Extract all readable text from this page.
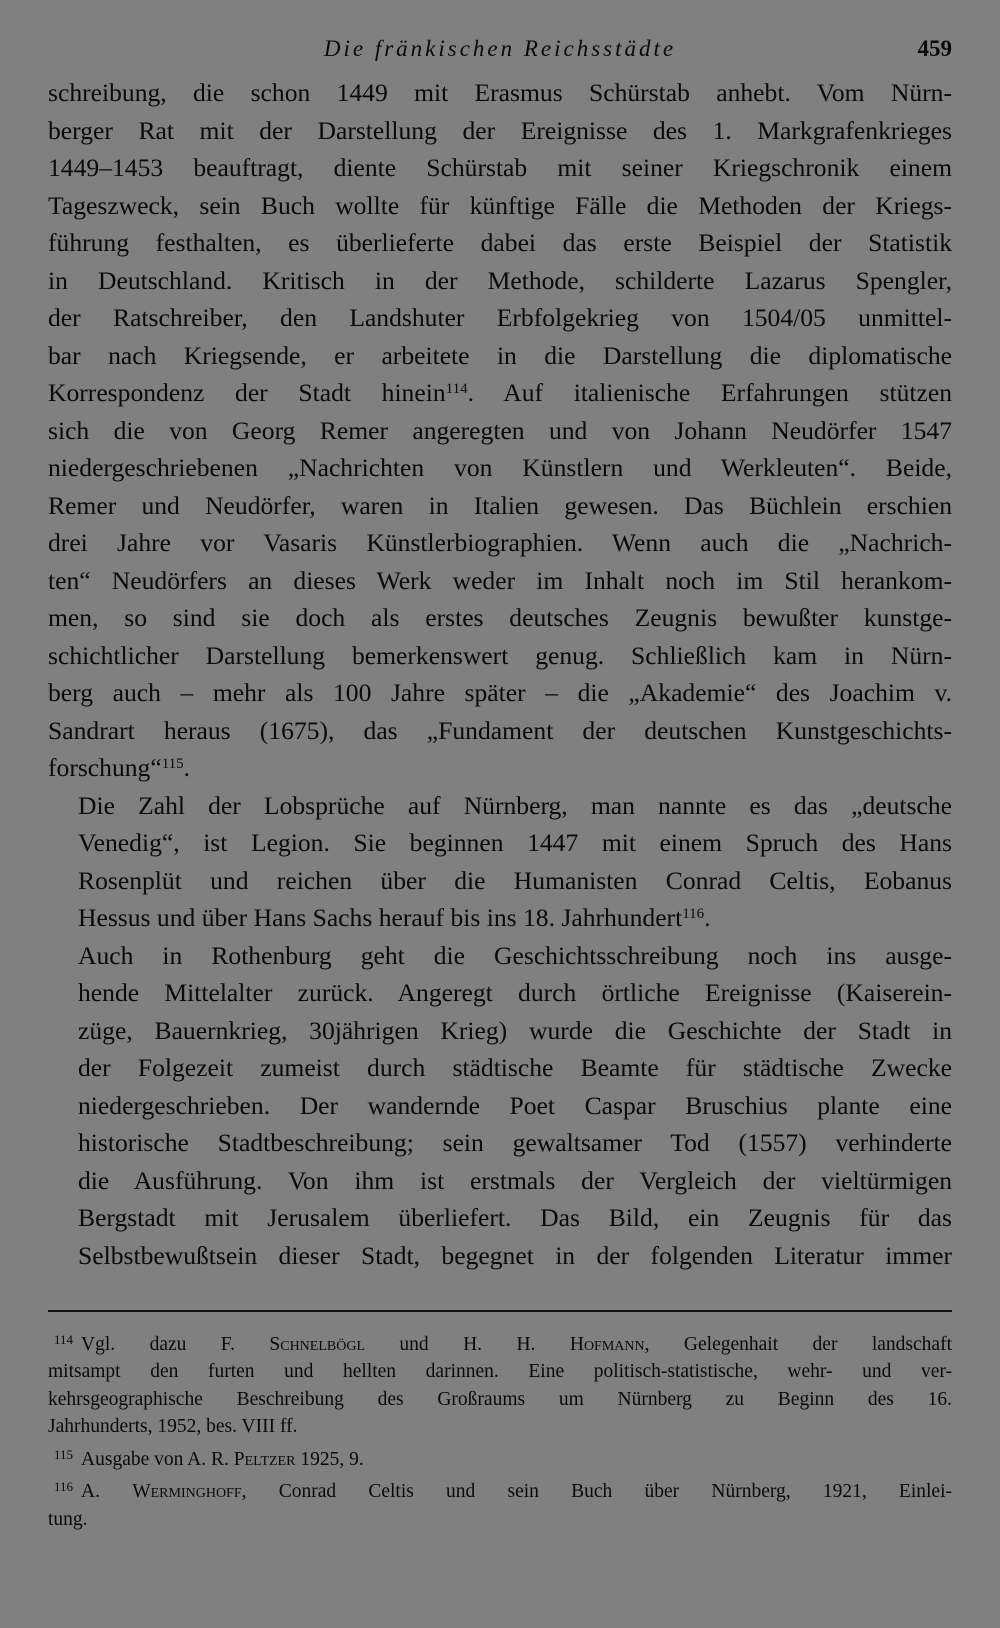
Die fränkischen Reichsstädte	459

schreibung, die schon 1449 mit Erasmus Schürstab anhebt. Vom Nürn-
berger Rat mit der Darstellung der Ereignisse des 1. Markgrafenkrieges
1449–1453 beauftragt, diente Schürstab mit seiner Kriegschronik einem
Tageszweck, sein Buch wollte für künftige Fälle die Methoden der Kriegs-
führung festhalten, es überlieferte dabei das erste Beispiel der Statistik
in Deutschland. Kritisch in der Methode, schilderte Lazarus Spengler,
der Ratschreiber, den Landshuter Erbfolgekrieg von 1504/05 unmittel-
bar nach Kriegsende, er arbeitete in die Darstellung die diplomatische
Korrespondenz der Stadt hinein$^{114}$. Auf italienische Erfahrungen stützen
sich die von Georg Remer angeregten und von Johann Neudörfer 1547
niedergeschriebenen „Nachrichten von Künstlern und Werkleuten“. Beide,
Remer und Neudörfer, waren in Italien gewesen. Das Büchlein erschien
drei Jahre vor Vasaris Künstlerbiographien. Wenn auch die „Nachrich-
ten“ Neudörfers an dieses Werk weder im Inhalt noch im Stil herankom-
men, so sind sie doch als erstes deutsches Zeugnis bewußter kunstge-
schichtlicher Darstellung bemerkenswert genug. Schließlich kam in Nürn-
berg auch – mehr als 100 Jahre später – die „Akademie“ des Joachim v.
Sandrart heraus (1675), das „Fundament der deutschen Kunstgeschichts-
forschung“$^{115}$.

Die Zahl der Lobsprüche auf Nürnberg, man nannte es das „deutsche
Venedig“, ist Legion. Sie beginnen 1447 mit einem Spruch des Hans
Rosenplüt und reichen über die Humanisten Conrad Celtis, Eobanus
Hessus und über Hans Sachs herauf bis ins 18. Jahrhundert$^{116}$.

Auch in Rothenburg geht die Geschichtsschreibung noch ins ausge-
hende Mittelalter zurück. Angeregt durch örtliche Ereignisse (Kaiserein-
züge, Bauernkrieg, 30jährigen Krieg) wurde die Geschichte der Stadt in
der Folgezeit zumeist durch städtische Beamte für städtische Zwecke
niedergeschrieben. Der wandernde Poet Caspar Bruschius plante eine
historische Stadtbeschreibung; sein gewaltsamer Tod (1557) verhinderte
die Ausführung. Von ihm ist erstmals der Vergleich der vieltürmigen
Bergstadt mit Jerusalem überliefert. Das Bild, ein Zeugnis für das
Selbstbewußtsein dieser Stadt, begegnet in der folgenden Literatur immer

$^{114}$ Vgl. dazu F. Schnelbögl und H. H. Hofmann, Gelegenhait der landschaft
mitsampt den furten und hellten darinnen. Eine politisch-statistische, wehr- und ver-
kehrsgeographische Beschreibung des Großraums um Nürnberg zu Beginn des 16.
Jahrhunderts, 1952, bes. VIII ff.
$^{115}$ Ausgabe von A. R. Peltzer 1925, 9.
$^{116}$ A. Werminghoff, Conrad Celtis und sein Buch über Nürnberg, 1921, Einlei-
tung.
